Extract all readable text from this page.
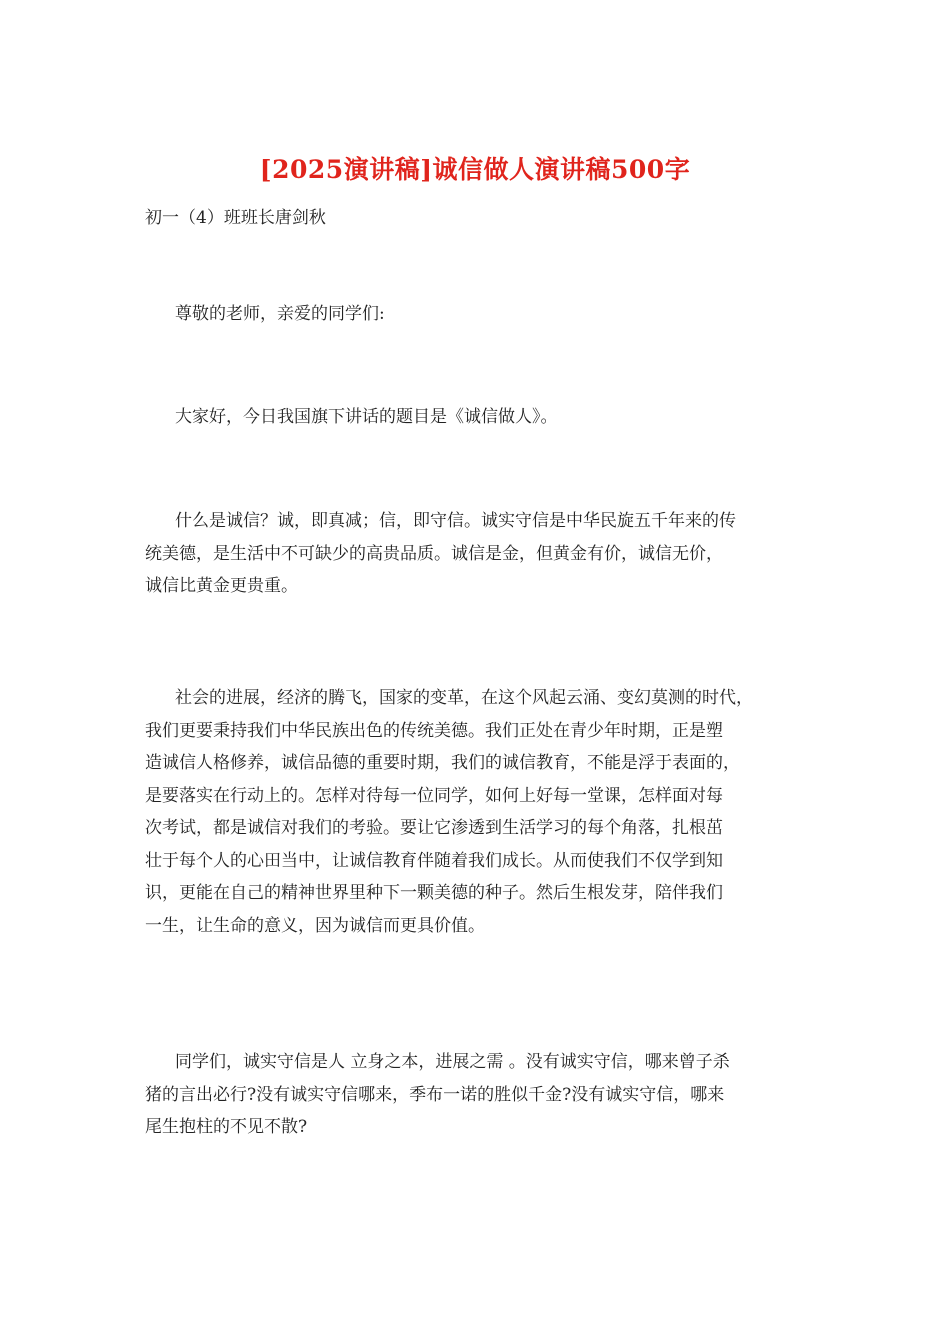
[2025演讲稿]诚信做人演讲稿500字
初一（4）班班长唐剑秋

尊敬的老师，亲爱的同学们:

大家好，今日我国旗下讲话的题目是《诚信做人》。

什么是诚信？诚，即真减；信，即守信。诚实守信是中华民旋五千年来的传
统美德，是生活中不可缺少的高贵品质。诚信是金，但黄金有价，诚信无价，
诚信比黄金更贵重。

社会的进展，经济的腾飞，国家的变革，在这个风起云涌、变幻莫测的时代，
我们更要秉持我们中华民族出色的传统美德。我们正处在青少年时期，正是塑
造诚信人格修养，诚信品德的重要时期，我们的诚信教育，不能是浮于表面的，
是要落实在行动上的。怎样对待每一位同学，如何上好每一堂课，怎样面对每
次考试，都是诚信对我们的考验。要让它渗透到生活学习的每个角落，扎根茁
壮于每个人的心田当中，让诚信教育伴随着我们成长。从而使我们不仅学到知
识，更能在自己的精神世界里种下一颗美德的种子。然后生根发芽，陪伴我们
一生，让生命的意义，因为诚信而更具价值。

同学们，诚实守信是人 立身之本，进展之需 。没有诚实守信，哪来曾子杀
猪的言出必行?没有诚实守信哪来，季布一诺的胜似千金?没有诚实守信，哪来
尾生抱柱的不见不散?
